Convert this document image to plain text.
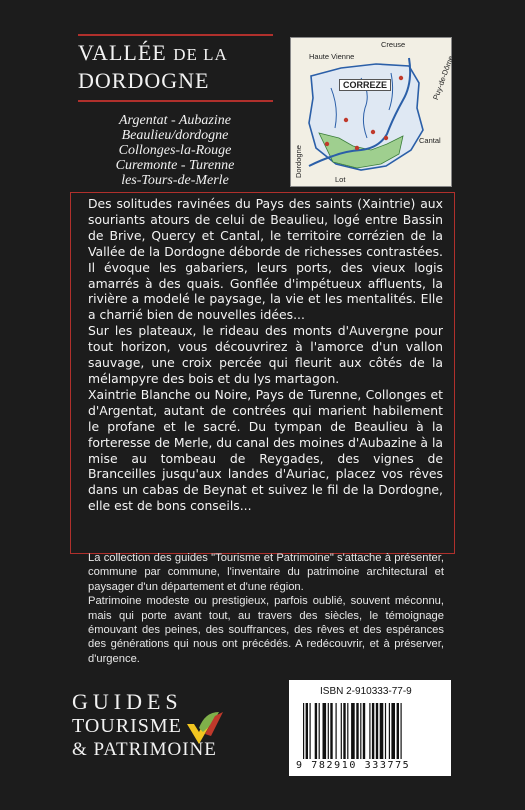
VALLÉE DE LA
DORDOGNE
Argentat - Aubazine
Beaulieu/dordogne
Collonges-la-Rouge
Curemonte - Turenne
les-Tours-de-Merle
Haute Vienne
Creuse
Puy-de-Dôme
CORREZE
Cantal
Dordogne
Lot

Des solitudes ravinées du Pays des saints (Xaintrie) aux souriants atours de celui de Beaulieu, logé entre Bassin de Brive, Quercy et Cantal, le territoire corrézien de la Vallée de la Dordogne déborde de richesses contrastées. Il évoque les gabariers, leurs ports, des vieux logis amarrés à des quais. Gonflée d'impétueux affluents, la rivière a modelé le paysage, la vie et les mentalités. Elle a charrié bien de nouvelles idées...

Sur les plateaux, le rideau des monts d'Auvergne pour tout horizon, vous découvrirez à l'amorce d'un vallon sauvage, une croix percée qui fleurit aux côtés de la mélampyre des bois et du lys martagon.

Xaintrie Blanche ou Noire, Pays de Turenne, Collonges et d'Argentat, autant de contrées qui marient habilement le profane et le sacré. Du tympan de Beaulieu à la forteresse de Merle, du canal des moines d'Aubazine à la mise au tombeau de Reygades, des vignes de Branceilles jusqu'aux landes d'Auriac, placez vos rêves dans un cabas de Beynat et suivez le fil de la Dordogne, elle est de bons conseils...

La collection des guides "Tourisme et Patrimoine" s'attache à présenter, commune par commune, l'inventaire du patrimoine architectural et paysager d'un département et d'une région.

Patrimoine modeste ou prestigieux, parfois oublié, souvent méconnu, mais qui porte avant tout, au travers des siècles, le témoignage émouvant des peines, des souffrances, des rêves et des espérances des générations qui nous ont précédés. A redécouvrir, et à préserver, d'urgence.

GUIDES
TOURISME
& PATRIMOINE
ISBN 2-910333-77-9
9 782910 333775
